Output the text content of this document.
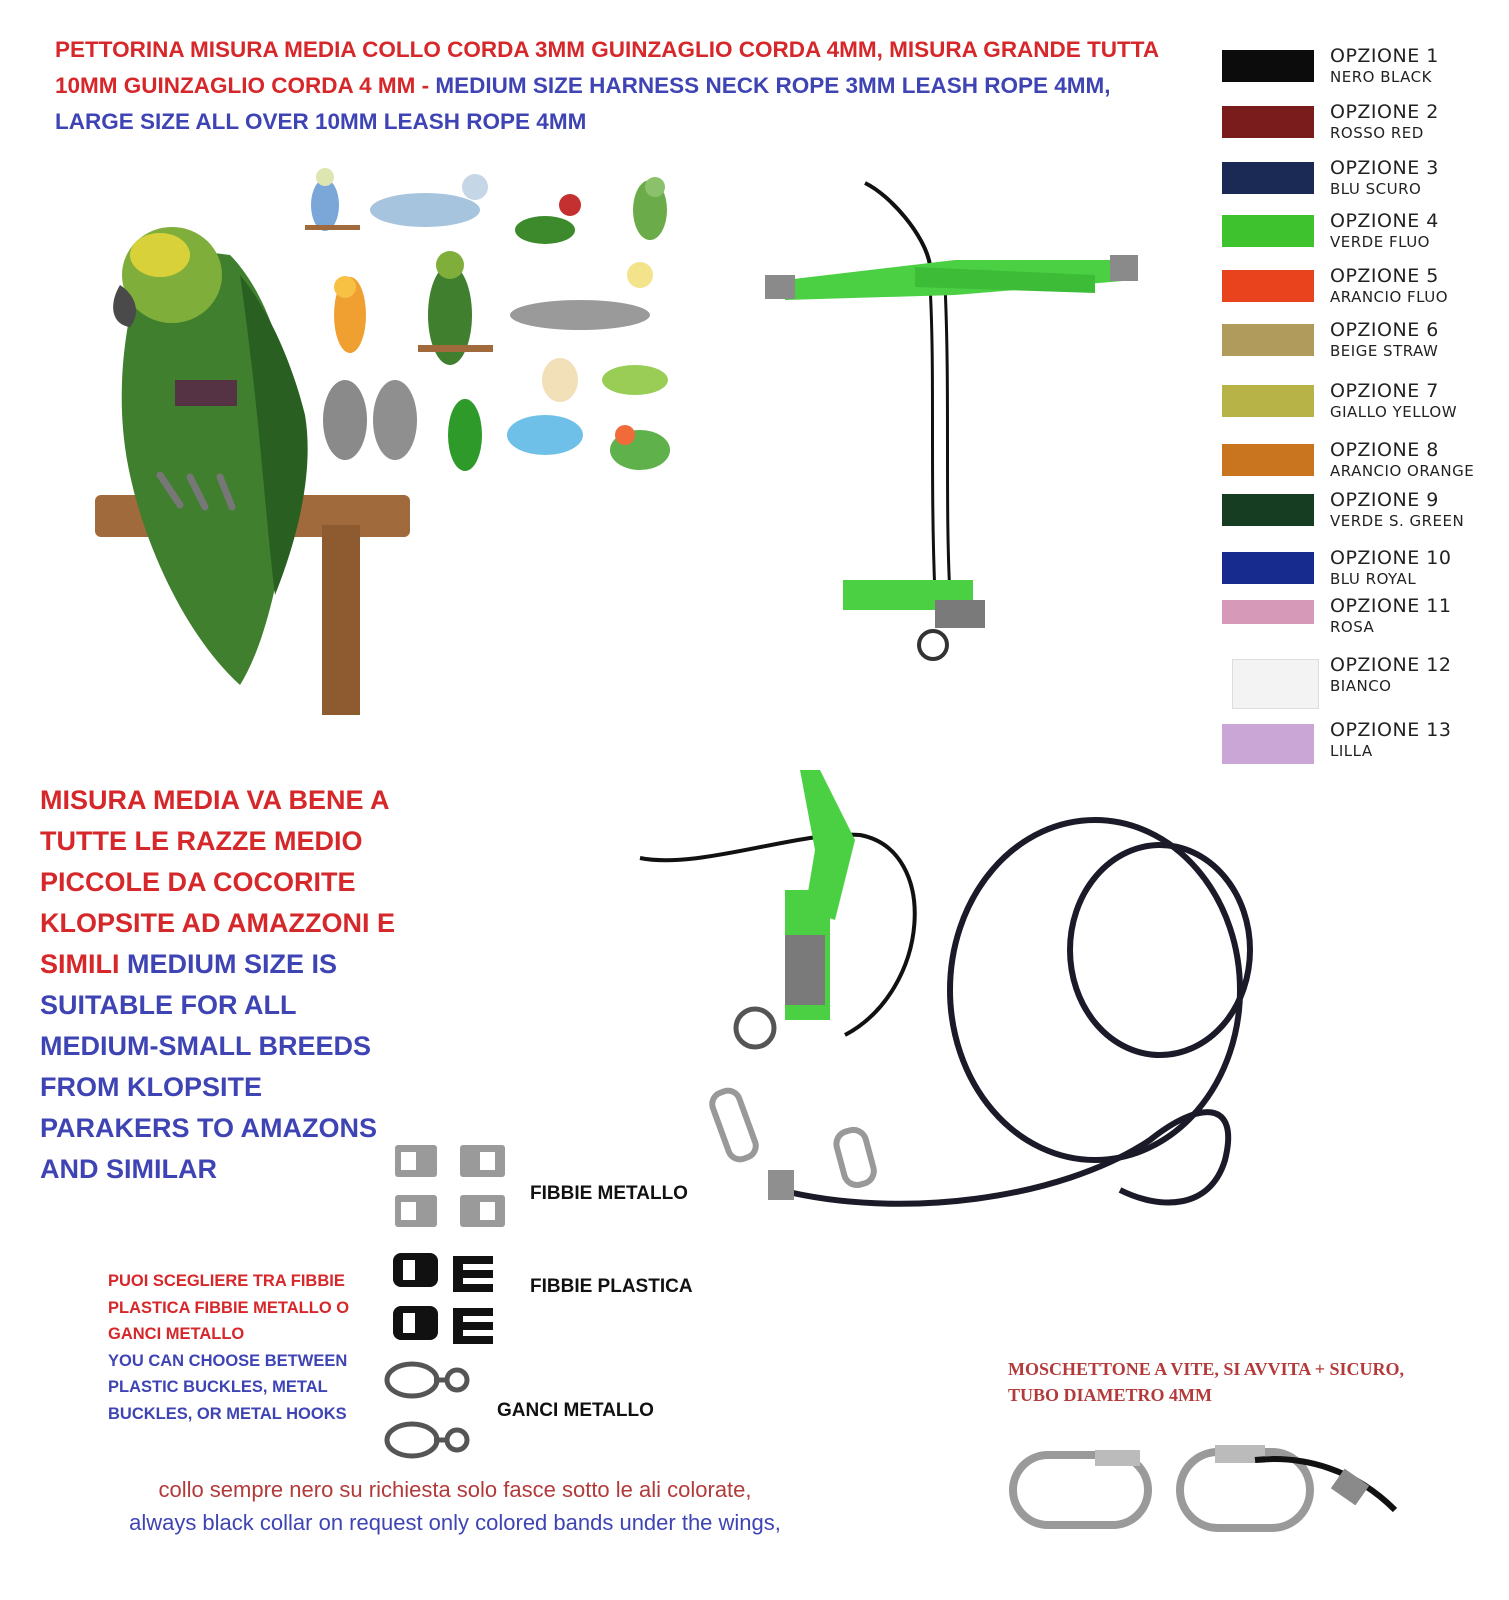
PETTORINA MISURA MEDIA COLLO CORDA 3MM GUINZAGLIO CORDA 4MM, MISURA GRANDE TUTTA 10MM GUINZAGLIO CORDA 4 MM - MEDIUM SIZE HARNESS NECK ROPE 3MM LEASH ROPE 4MM, LARGE SIZE ALL OVER 10MM LEASH ROPE 4MM
OPZIONE 1
NERO BLACK
OPZIONE 2
ROSSO RED
OPZIONE 3
BLU SCURO
OPZIONE 4
VERDE FLUO
OPZIONE 5
ARANCIO FLUO
OPZIONE 6
BEIGE STRAW
OPZIONE 7
GIALLO YELLOW
OPZIONE 8
ARANCIO ORANGE
OPZIONE 9
VERDE S. GREEN
OPZIONE 10
BLU ROYAL
OPZIONE 11
ROSA
OPZIONE 12
BIANCO
OPZIONE 13
LILLA
MISURA MEDIA VA BENE A TUTTE LE RAZZE MEDIO PICCOLE DA COCORITE KLOPSITE AD AMAZZONI E SIMILI MEDIUM SIZE IS SUITABLE FOR ALL MEDIUM-SMALL BREEDS FROM KLOPSITE PARAKERS TO AMAZONS AND SIMILAR
FIBBIE METALLO
FIBBIE PLASTICA
GANCI METALLO
PUOI SCEGLIERE TRA FIBBIE PLASTICA FIBBIE METALLO O GANCI METALLO
YOU CAN CHOOSE BETWEEN PLASTIC BUCKLES, METAL BUCKLES, OR METAL HOOKS
MOSCHETTONE A VITE, SI AVVITA + SICURO,
TUBO DIAMETRO 4MM
collo sempre nero su richiesta solo fasce sotto le ali colorate,
always black collar on request only colored bands under the wings,
